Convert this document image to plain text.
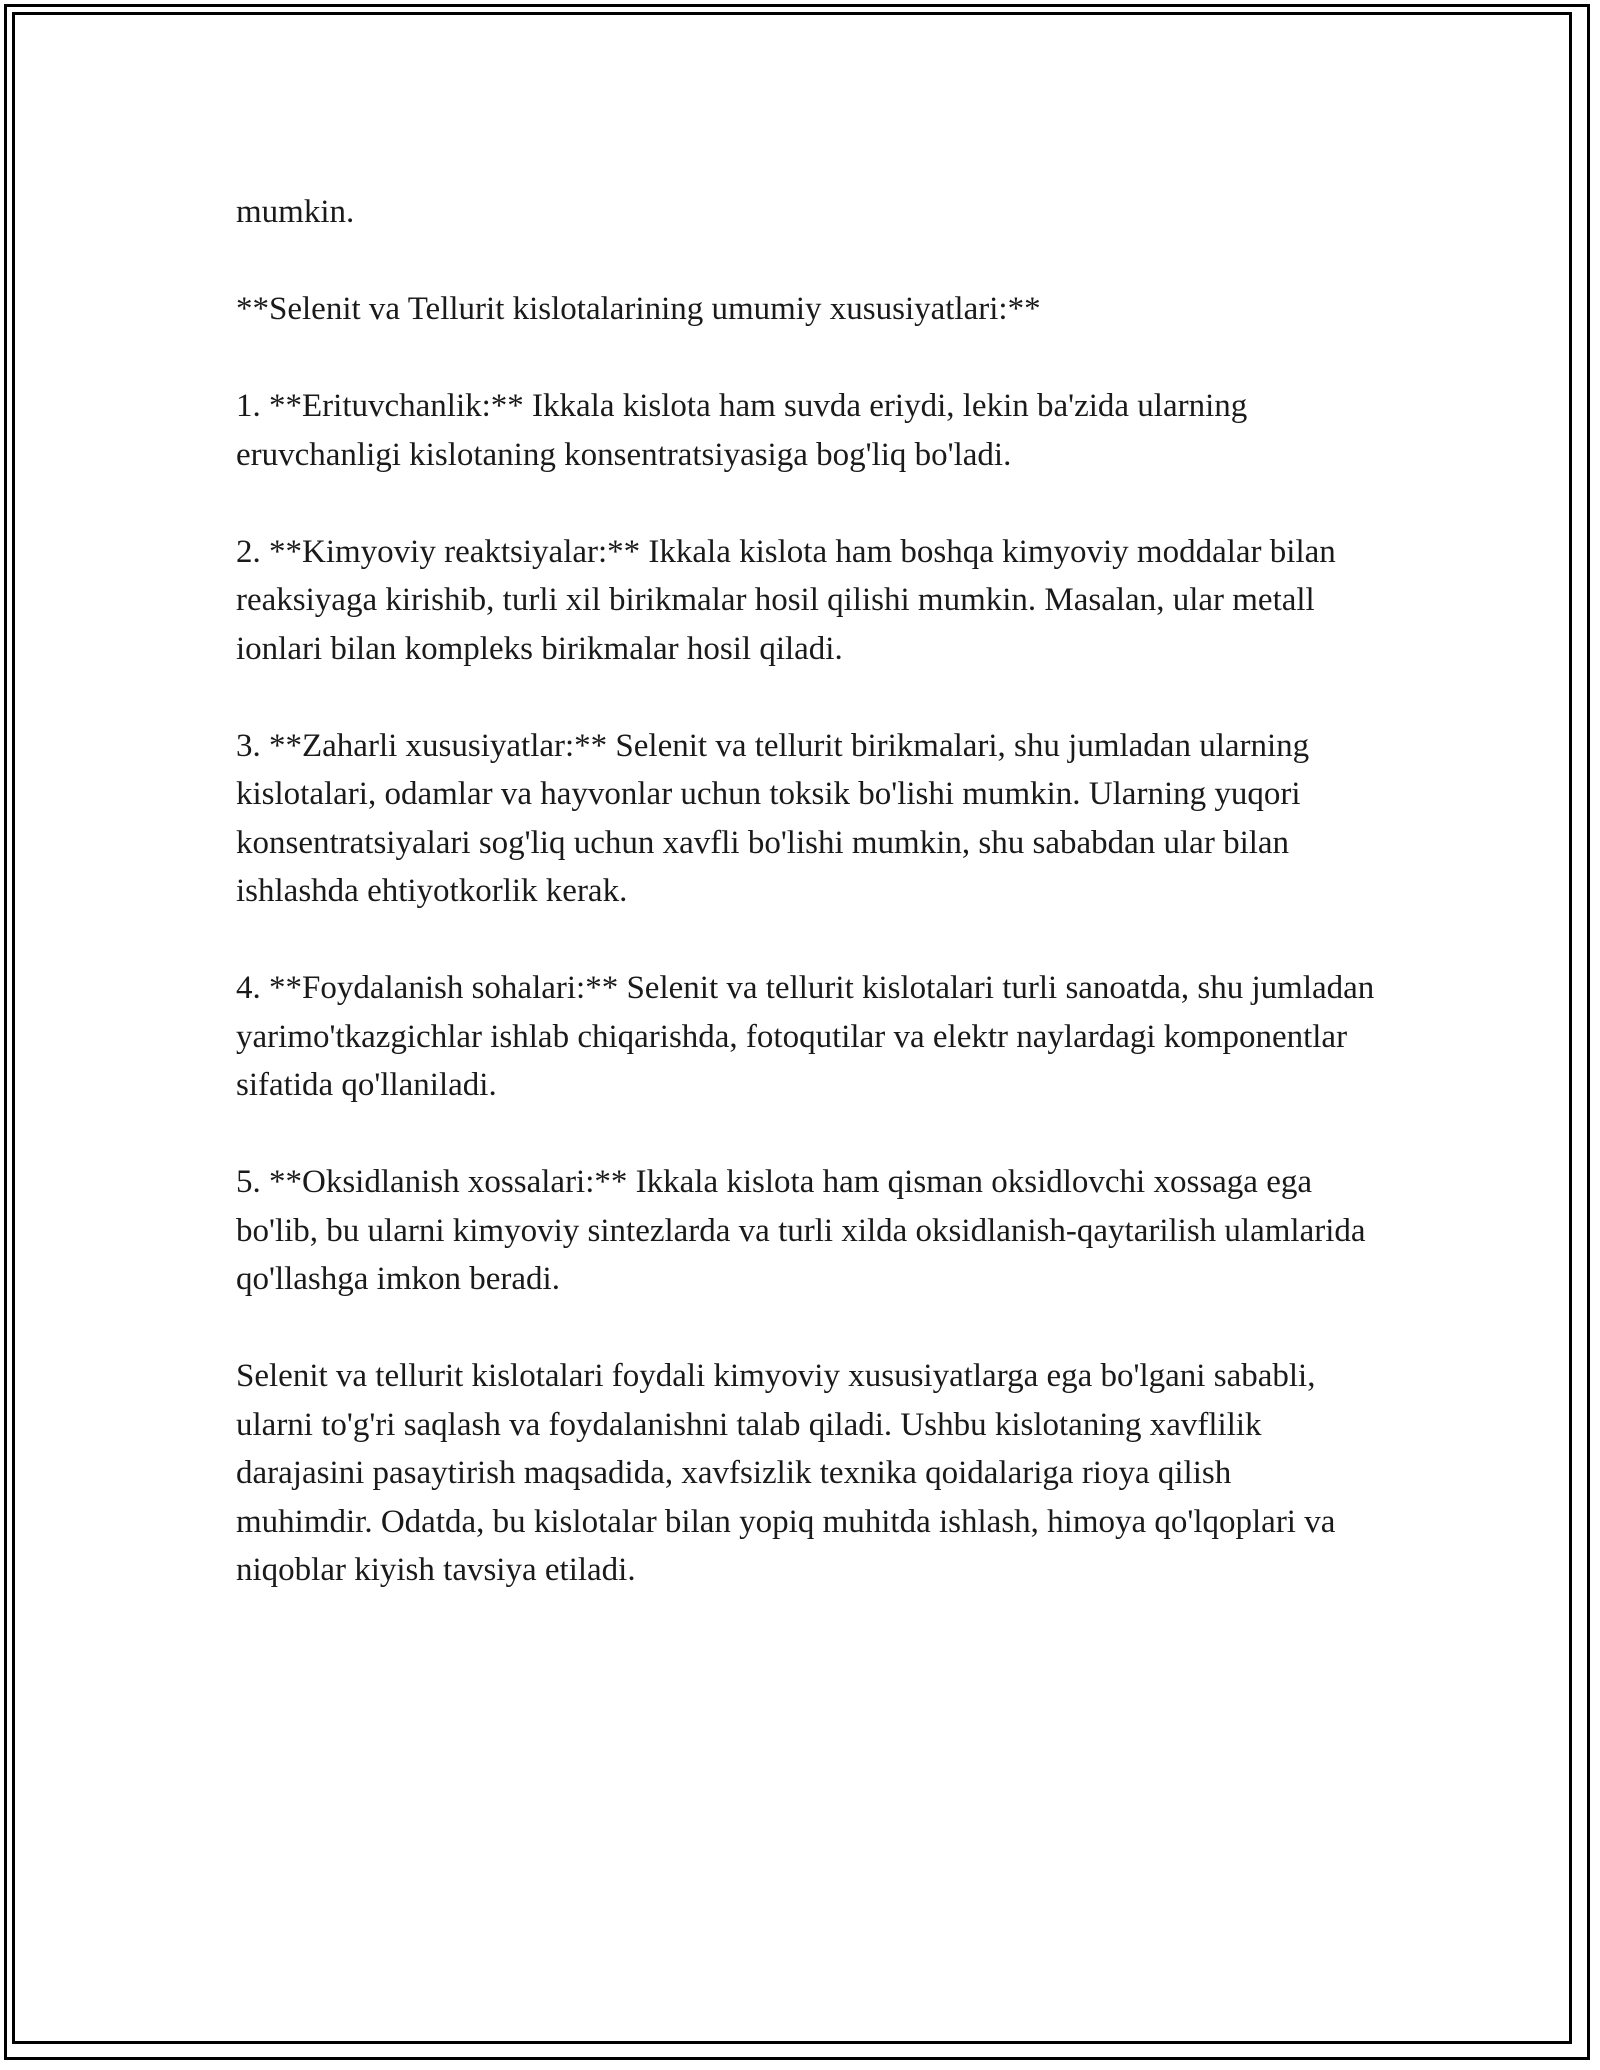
mumkin.

**Selenit va Tellurit kislotalarining umumiy xususiyatlari:**

1. **Erituvchanlik:** Ikkala kislota ham suvda eriydi, lekin ba'zida ularning eruvchanligi kislotaning konsentratsiyasiga bog'liq bo'ladi.

2. **Kimyoviy reaktsiyalar:** Ikkala kislota ham boshqa kimyoviy moddalar bilan reaksiyaga kirishib, turli xil birikmalar hosil qilishi mumkin. Masalan, ular metall ionlari bilan kompleks birikmalar hosil qiladi.

3. **Zaharli xususiyatlar:** Selenit va tellurit birikmalari, shu jumladan ularning kislotalari, odamlar va hayvonlar uchun toksik bo'lishi mumkin. Ularning yuqori konsentratsiyalari sog'liq uchun xavfli bo'lishi mumkin, shu sababdan ular bilan ishlashda ehtiyotkorlik kerak.

4. **Foydalanish sohalari:** Selenit va tellurit kislotalari turli sanoatda, shu jumladan yarimo'tkazgichlar ishlab chiqarishda, fotoqutilar va elektr naylardagi komponentlar sifatida qo'llaniladi.

5. **Oksidlanish xossalari:** Ikkala kislota ham qisman oksidlovchi xossaga ega bo'lib, bu ularni kimyoviy sintezlarda va turli xilda oksidlanish-qaytarilish ulamlarida qo'llashga imkon beradi.

Selenit va tellurit kislotalari foydali kimyoviy xususiyatlarga ega bo'lgani sababli, ularni to'g'ri saqlash va foydalanishni talab qiladi. Ushbu kislotaning xavflilik darajasini pasaytirish maqsadida, xavfsizlik texnika qoidalariga rioya qilish muhimdir. Odatda, bu kislotalar bilan yopiq muhitda ishlash, himoya qo'lqoplari va niqoblar kiyish tavsiya etiladi.
